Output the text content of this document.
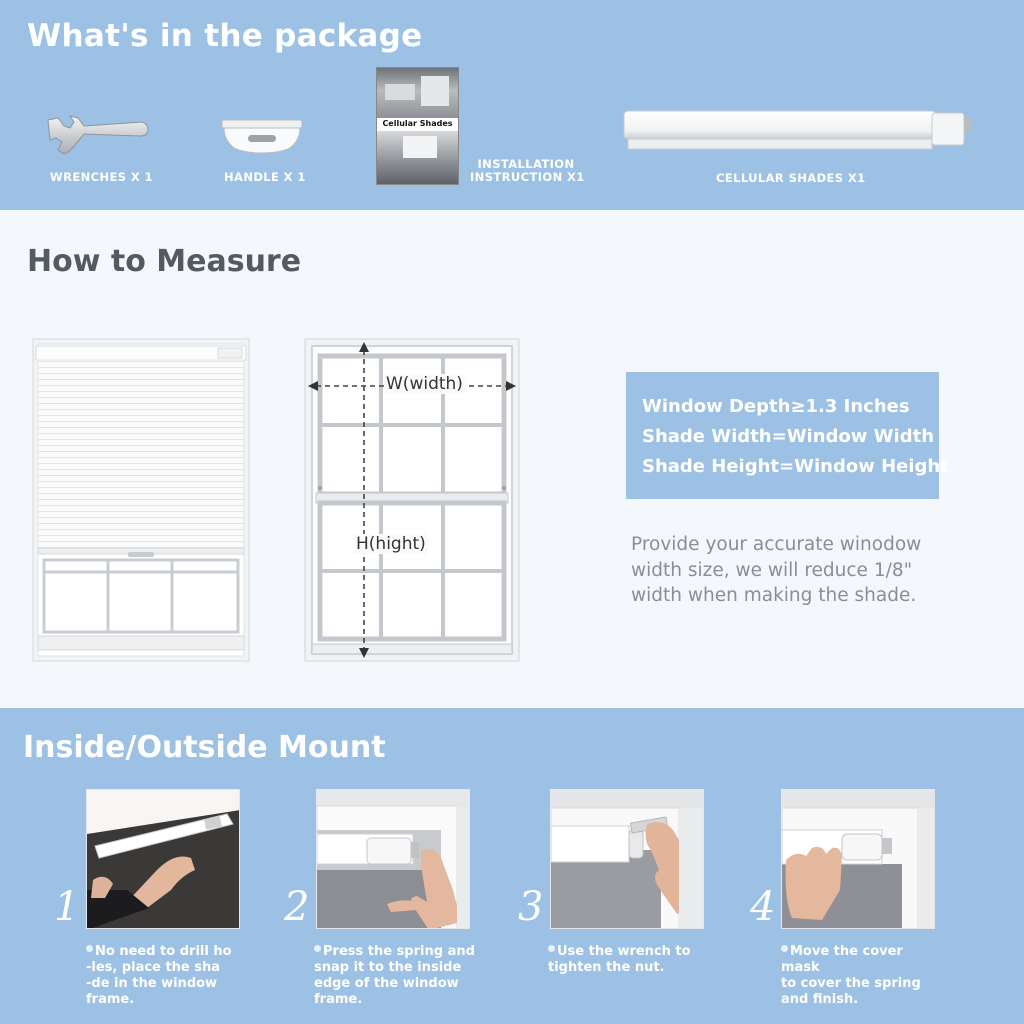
What's in the package
WRENCHES X 1	HANDLE X 1
Cellular Shades
INSTALLATION
INSTRUCTION X1	CELLULAR SHADES X1
How to Measure
W(width)
H(hight)
Window Depth≥1.3 Inches
Shade Width=Window Width
Shade Height=Window Height
Provide your accurate winodow width size, we will reduce 1/8" width when making the shade.
Inside/Outside Mount
1
No need to drill ho
-les, place the sha
-de in the window
frame.
2
Press the spring and
snap it to the inside
edge of the window
frame.
3
Use the wrench to
tighten the nut.
4
Move the cover mask
to cover the spring
and finish.
